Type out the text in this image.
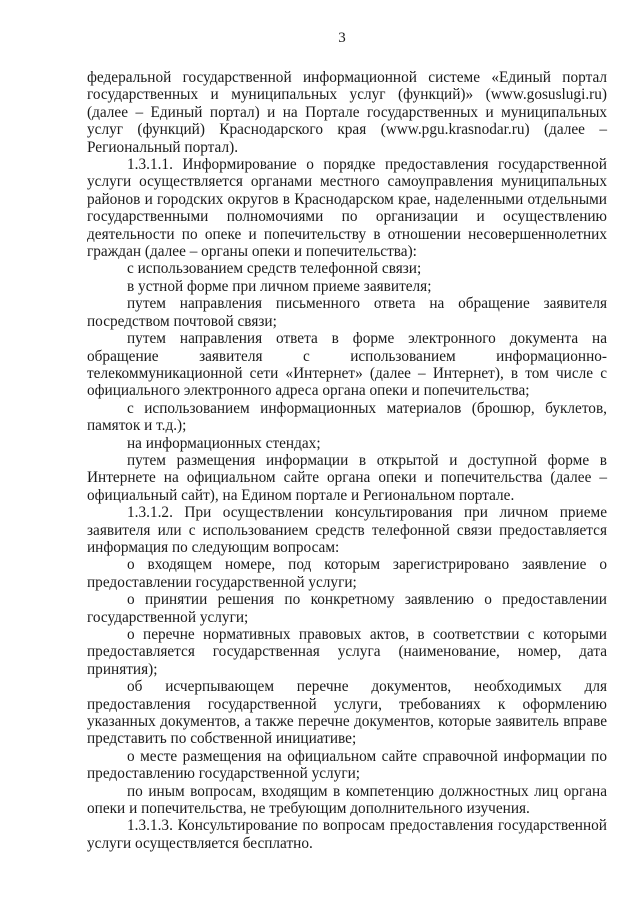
3

федеральной государственной информационной системе «Единый портал государственных и муниципальных услуг (функций)» (www.gosuslugi.ru) (далее – Единый портал) и на Портале государственных и муниципальных услуг (функций) Краснодарского края (www.pgu.krasnodar.ru) (далее – Региональный портал).

1.3.1.1. Информирование о порядке предоставления государственной услуги осуществляется органами местного самоуправления муниципальных районов и городских округов в Краснодарском крае, наделенными отдельными государственными полномочиями по организации и осуществлению деятельности по опеке и попечительству в отношении несовершеннолетних граждан (далее – органы опеки и попечительства):

с использованием средств телефонной связи;

в устной форме при личном приеме заявителя;

путем направления письменного ответа на обращение заявителя посредством почтовой связи;

путем направления ответа в форме электронного документа на обращение заявителя с использованием информационно-телекоммуникационной сети «Интернет» (далее – Интернет), в том числе с официального электронного адреса органа опеки и попечительства;

с использованием информационных материалов (брошюр, буклетов, памяток и т.д.);

на информационных стендах;

путем размещения информации в открытой и доступной форме в Интернете на официальном сайте органа опеки и попечительства (далее – официальный сайт), на Едином портале и Региональном портале.

1.3.1.2. При осуществлении консультирования при личном приеме заявителя или с использованием средств телефонной связи предоставляется информация по следующим вопросам:

о входящем номере, под которым зарегистрировано заявление о предоставлении государственной услуги;

о принятии решения по конкретному заявлению о предоставлении государственной услуги;

о перечне нормативных правовых актов, в соответствии с которыми предоставляется государственная услуга (наименование, номер, дата принятия);

об исчерпывающем перечне документов, необходимых для предоставления государственной услуги, требованиях к оформлению указанных документов, а также перечне документов, которые заявитель вправе представить по собственной инициативе;

о месте размещения на официальном сайте справочной информации по предоставлению государственной услуги;

по иным вопросам, входящим в компетенцию должностных лиц органа опеки и попечительства, не требующим дополнительного изучения.

1.3.1.3. Консультирование по вопросам предоставления государственной услуги осуществляется бесплатно.
